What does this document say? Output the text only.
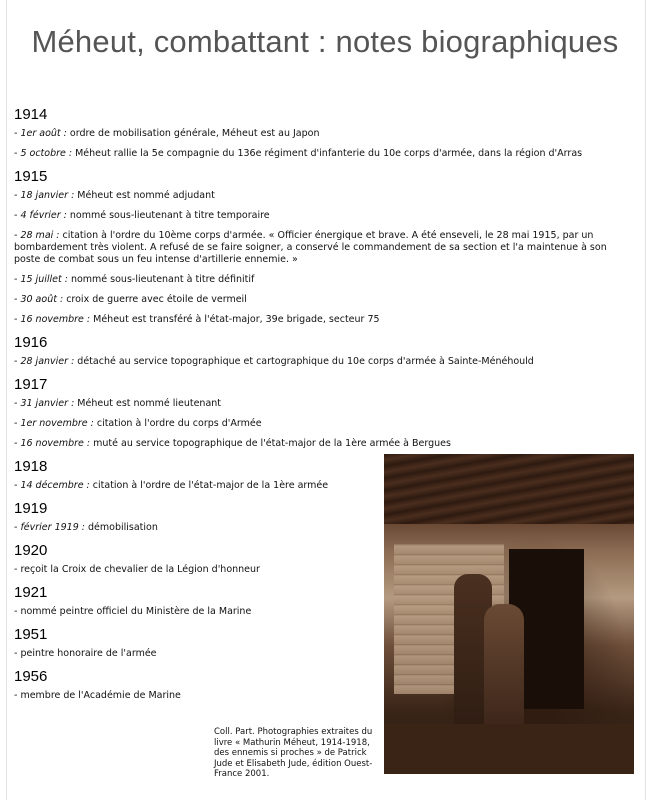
Méheut, combattant : notes biographiques

1914

- 1er août : ordre de mobilisation générale, Méheut est au Japon

- 5 octobre : Méheut rallie la 5e compagnie du 136e régiment d'infanterie du 10e corps d'armée, dans la région d'Arras

1915

- 18 janvier : Méheut est nommé adjudant

- 4 février : nommé sous-lieutenant à titre temporaire

- 28 mai : citation à l'ordre du 10ème corps d'armée. « Officier énergique et brave. A été enseveli, le 28 mai 1915, par un bombardement très violent. A refusé de se faire soigner, a conservé le commandement de sa section et l'a maintenue à son poste de combat sous un feu intense d'artillerie ennemie. »

- 15 juillet : nommé sous-lieutenant à titre définitif

- 30 août : croix de guerre avec étoile de vermeil

- 16 novembre : Méheut est transféré à l'état-major, 39e brigade, secteur 75

1916

- 28 janvier : détaché au service topographique et cartographique du 10e corps d'armée à Sainte-Ménéhould

1917

- 31 janvier : Méheut est nommé lieutenant

- 1er novembre : citation à l'ordre du corps d'Armée

- 16 novembre : muté au service topographique de l'état-major de la 1ère armée à Bergues

1918

- 14 décembre : citation à l'ordre de l'état-major de la 1ère armée

1919

- février 1919 : démobilisation

1920

- reçoit la Croix de chevalier de la Légion d'honneur

1921

- nommé peintre officiel du Ministère de la Marine

1951

- peintre honoraire de l'armée

1956

- membre de l'Académie de Marine

Coll. Part. Photographies extraites du livre « Mathurin Méheut, 1914-1918, des ennemis si proches » de Patrick Jude et Elisabeth Jude, édition Ouest-France 2001.
